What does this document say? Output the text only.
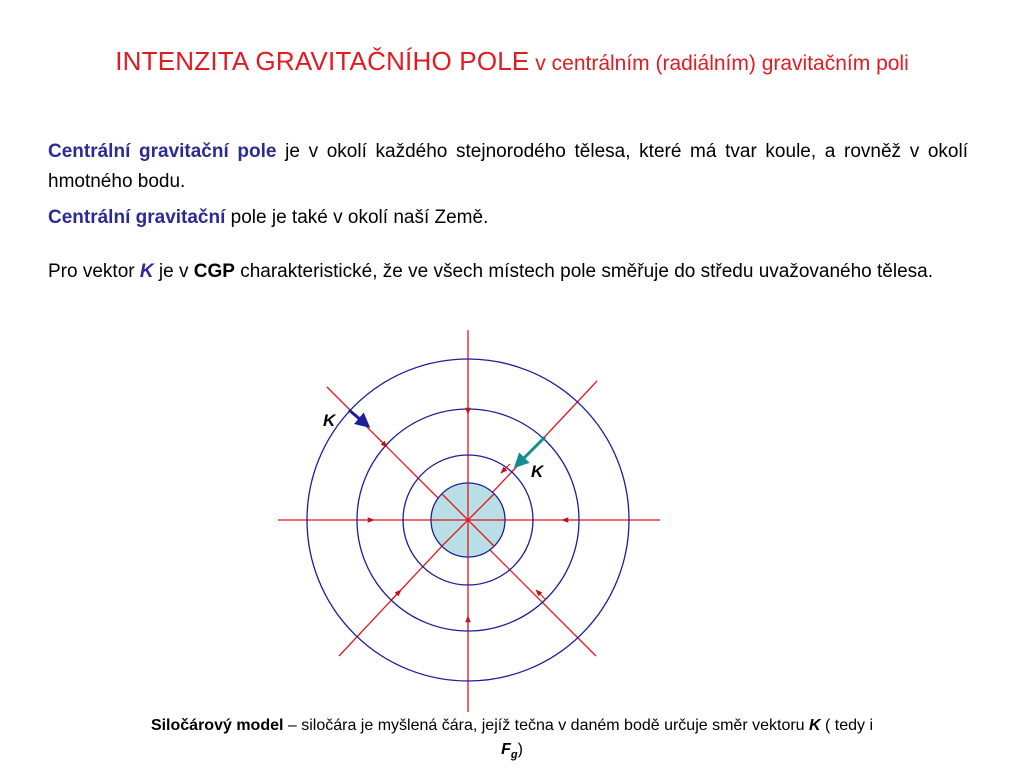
INTENZITA GRAVITAČNÍHO POLE v centrálním (radiálním) gravitačním poli
Centrální gravitační pole je v okolí každého stejnorodého tělesa, které má tvar koule, a rovněž v okolí hmotného bodu.
Centrální gravitační pole je také v okolí naší Země.
Pro vektor K je v CGP charakteristické, že ve všech místech pole směřuje do středu uvažovaného tělesa.
K
K
Siločárový model – siločára je myšlená čára, jejíž tečna v daném bodě určuje směr vektoru K ( tedy i
$F_g$)
